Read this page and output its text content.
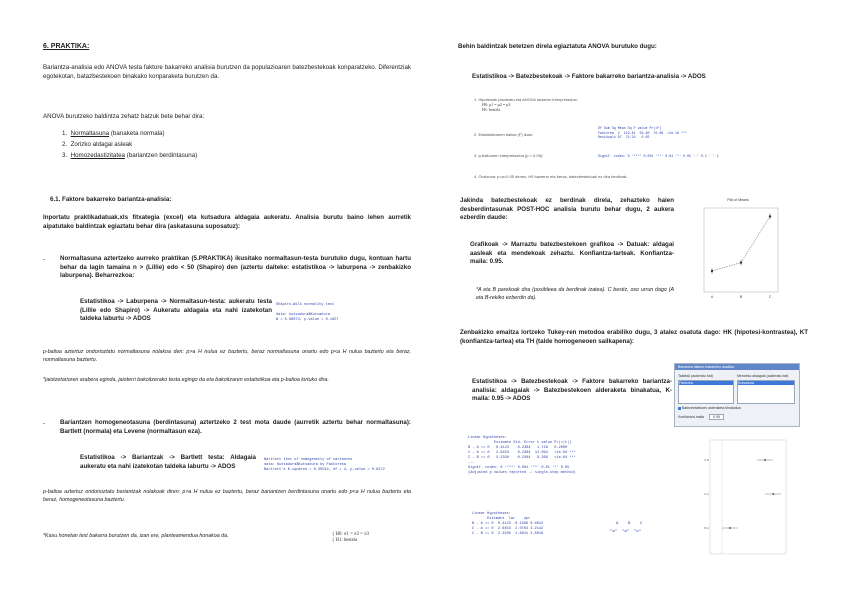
6. PRAKTIKA:

Bariantza-analisia edo ANOVA testa faktore bakarreko analisia burutzen da populazioaren batezbestekoak konparatzeko. Diferentziak egotekotan, batazbestekoen binakako konparaketa burutzen da.

ANOVA burutzeko baldintza zehatz batzuk bete behar dira:

1. Normaltasuna (banaketa normala)
2. Zorizko aldagai asleak
3. Homozedastizitatea (bariantzen berdintasuna)
6.1. Faktore bakarreko bariantza-analisia:

Inportatu praktikadatuak.xls fitxategia (excel) eta kutsadura aldagaia aukeratu. Analisia burutu baino lehen aurretik aipatutako baldintzak egiaztatu behar dira (askatasuna suposatuz):

- Normaltasuna aztertzeko aurreko praktikan (5.PRAKTIKA) ikusitako normaltasun-testa burutuko dugu, kontuan hartu behar da lagin tamaina n > (Lillie) edo < 50 (Shapiro) den (aztertu daiteke: estatistikoa -> laburpena -> zenbakizko laburpena). Beharrezkoa:

Estatistikoa -> Laburpena -> Normaltasun-testa: aukeratu testa (Lillie edo Shapiro) -> Aukeratu aldagaia eta nahi izatekotan taldeka laburtu -> ADOS

Shapiro-Wilk normality test

data: kutsadura$Kutsadura
W = 0.98074, p-value = 0.1957

p-balioa aztertuz ondorioztatu normaltasuna nolakoa den: p>a H nulua ez baztertu, beraz normaltasuna onartu edo p<a H nulua baztertu eta beraz, normaltasuna baztertu.

*jaiotzetarioren arabera eginda, jaioterri bakoitzerako testa egingo da eta bakoitzaren estatistikoa eta p-balioa lortuko dira.

- Bariantzen homogeneotasuna (berdintasuna) aztertzeko 2 test mota daude (aurretik aztertu behar normaltasuna): Bartlett (normala) eta Levene (normaltasun eza).

Estatistikoa -> Bariantzak -> Bartlett testa: Aldagaia aukeratu eta nahi izatekotan taldeka laburtu -> ADOS

Bartlett test of homogeneity of variances
data: Kutsadura$Kutsadura by Faktoreka
Bartlett's K-squared = 0.35542, df = 2, p-value = 0.8372

p-balioa aztertuz ondorioztatu bariantzak nolakoak diren: p>a H nulua ez baztertu, beraz bariantzen berdintasuna onartu edo p<a H nulua baztertu eta beraz, homogeneotasuna baztertu.

*Kasu honetan test bakarra burutzen da, izan ere, planteamendua honakoa da.	{ H0: σ1 = σ2 = σ3
{ H1: bestela

Behin baldintzak betetzen direla egiaztatuta ANOVA burutuko dugu:

Estatistikoa -> Batezbestekoak -> Faktore bakarreko bariantza-analisia -> ADOS

1. Hipotesiak planteatu eta ANOVA taularen interpretazioa:

H0: µ1 = µ2 = µ3
H1: bestela

2. Estatistikoaren balioa (F) ikusi:

Df Sum Sq Mean Sq F value Pr(>F)
Faktorea  2  119.61  59.80  70.08  <2e-16 ***
Residuals 87  74.24   0.85

3. p-balioaren interpretazioa (p < 0.05):	Signif. codes: 0 '***' 0.001 '**' 0.01 '*' 0.05 '.' 0.1 ' ' 1

4. Ondorioa: p<a=0.05 denez, H0 baztertu eta beraz, batezbestekoak ez dira berdinak.

Jakinda batezbestekoak ez berdinak direla, zehazteko haien desberdintasunak POST-HOC analisia burutu behar dugu, 2 aukera ezberdin daude:

Grafikoak -> Marraztu batezbestekoen grafikoa -> Datuak: aldagai aasleak eta mendekoak zehaztu. Konfiantza-tarteak. Konfiantza-maila: 0.95.

*A eta B parekoak dira (posibleea da berdinak izatea). C bestiz, oso urrun dago (A eta B-rekiko ezberdin da).

Plot of Means
A	B	C

Zenbakizko emaitza lortzeko Tukey-ren metodoa erabiliko dugu, 3 atalez osatuta dago: HK (hipotesi-kontrastea), KT (konfiantza-tartea) eta TH (talde homogeneoen sailkapena):

Estatistikoa -> Batezbestekoak -> Faktore bakarreko bariantza-analisia: aldagaiak -> Batezbestekoen alderaketa binakatua, K-maila: 0.95 -> ADOS

Bariantza faktore bakarreko analisia
Taldeak (aukeratu bat)	Mendeko aldagaia (aukeratu bat)
Faktorea	Kutsadura
Batezbestekoen alderaketa binakatua
Konfiantza-maila	0.95
Linear Hypotheses:
Estimate Std. Error t value Pr(>|t|)
B - A == 0   0.4123    0.2384   1.729   0.2000
C - A == 0   2.6453    0.2384  11.094   <1e-04 ***
C - B == 0   2.2330    0.2384   9.366   <1e-04 ***
---
Signif. codes: 0 '***' 0.001 '**' 0.01 '*' 0.05
(Adjusted p values reported -- single-step method)
Linear Hypotheses:
Estimate  lwr    upr
B - A == 0  0.4123 -0.1566 0.9812
C - A == 0  2.6453  2.0764 3.2142
C - B == 0  2.2330  1.6641 2.8019
A    B    C
"a"  "a"  "b"
C-B
C-A
B-A
